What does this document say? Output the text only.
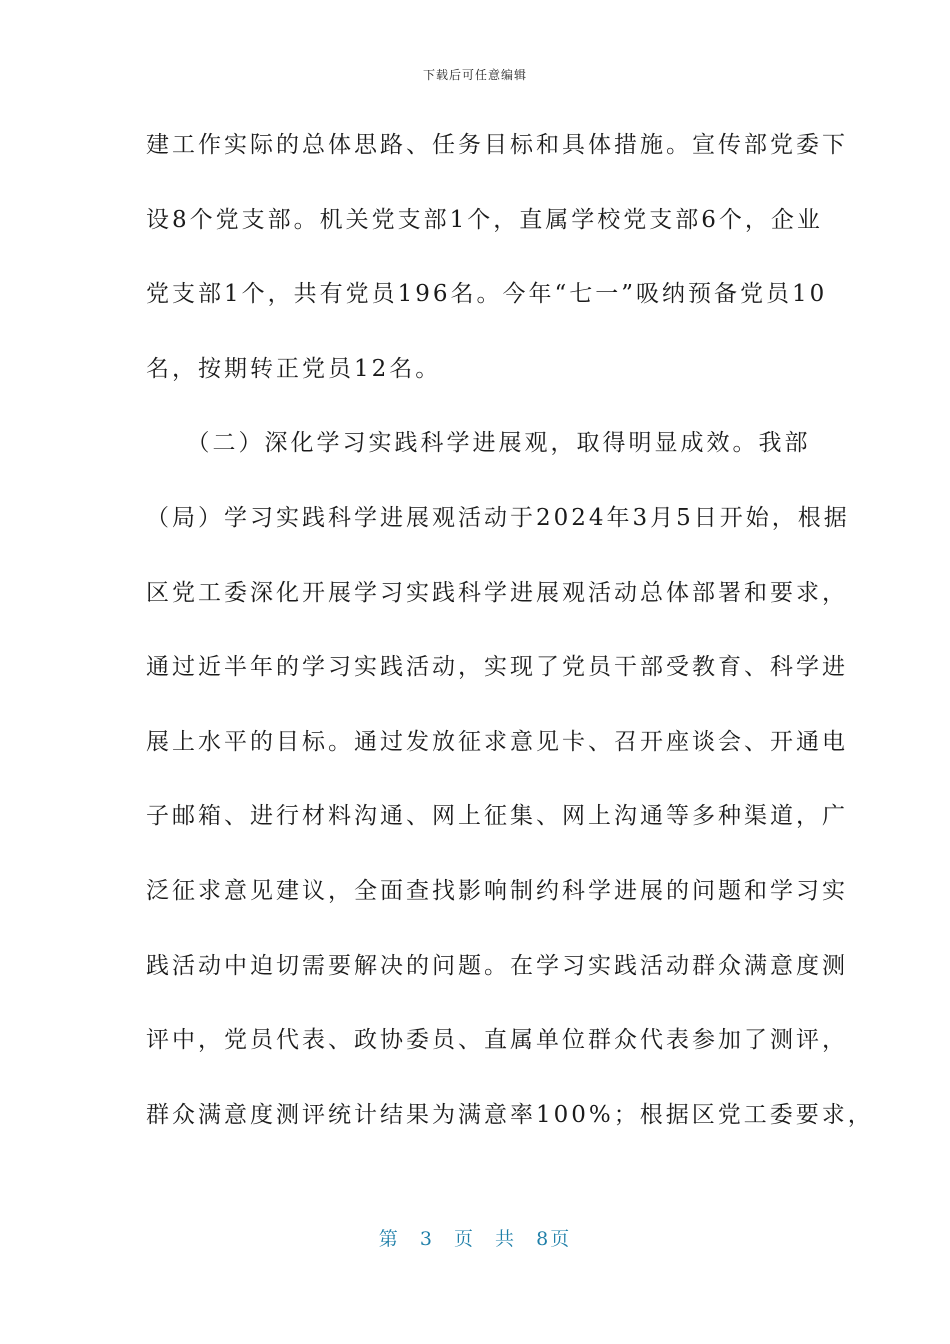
下载后可任意编辑
建工作实际的总体思路、任务目标和具体措施。宣传部党委下
设8个党支部。机关党支部1个，直属学校党支部6个，企业
党支部1个，共有党员196名。今年“七一”吸纳预备党员10
名，按期转正党员12名。
　　（二）深化学习实践科学进展观，取得明显成效。我部
（局）学习实践科学进展观活动于2024年3月5日开始，根据
区党工委深化开展学习实践科学进展观活动总体部署和要求，
通过近半年的学习实践活动，实现了党员干部受教育、科学进
展上水平的目标。通过发放征求意见卡、召开座谈会、开通电
子邮箱、进行材料沟通、网上征集、网上沟通等多种渠道，广
泛征求意见建议，全面查找影响制约科学进展的问题和学习实
践活动中迫切需要解决的问题。在学习实践活动群众满意度测
评中，党员代表、政协委员、直属单位群众代表参加了测评，
群众满意度测评统计结果为满意率100%；根据区党工委要求，
第 3 页 共 8页
